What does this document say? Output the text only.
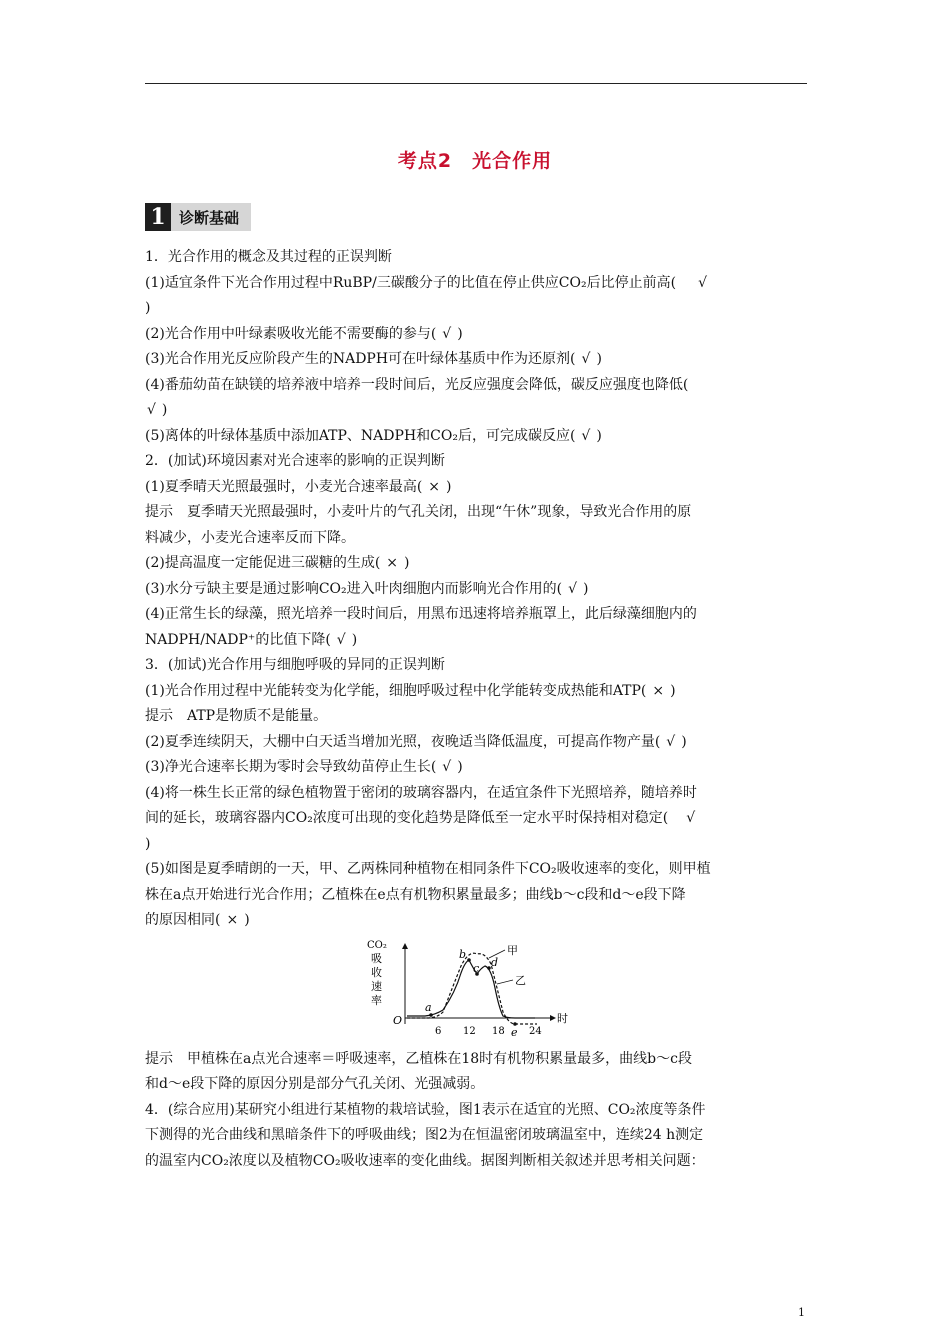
考点2　光合作用
1 诊断基础
1．光合作用的概念及其过程的正误判断
(1)适宜条件下光合作用过程中RuBP/三碳酸分子的比值在停止供应CO₂后比停止前高( √
)
(2)光合作用中叶绿素吸收光能不需要酶的参与( √ )
(3)光合作用光反应阶段产生的NADPH可在叶绿体基质中作为还原剂( √ )
(4)番茄幼苗在缺镁的培养液中培养一段时间后，光反应强度会降低，碳反应强度也降低(
√ )
(5)离体的叶绿体基质中添加ATP、NADPH和CO₂后，可完成碳反应( √ )
2．(加试)环境因素对光合速率的影响的正误判断
(1)夏季晴天光照最强时，小麦光合速率最高( × )
提示　夏季晴天光照最强时，小麦叶片的气孔关闭，出现“午休”现象，导致光合作用的原
料减少，小麦光合速率反而下降。
(2)提高温度一定能促进三碳糖的生成( × )
(3)水分亏缺主要是通过影响CO₂进入叶肉细胞内而影响光合作用的( √ )
(4)正常生长的绿藻，照光培养一段时间后，用黑布迅速将培养瓶罩上，此后绿藻细胞内的
NADPH/NADP⁺的比值下降( √ )
3．(加试)光合作用与细胞呼吸的异同的正误判断
(1)光合作用过程中光能转变为化学能，细胞呼吸过程中化学能转变成热能和ATP( × )
提示　ATP是物质不是能量。
(2)夏季连续阴天，大棚中白天适当增加光照，夜晚适当降低温度，可提高作物产量( √ )
(3)净光合速率长期为零时会导致幼苗停止生长( √ )
(4)将一株生长正常的绿色植物置于密闭的玻璃容器内，在适宜条件下光照培养，随培养时
间的延长，玻璃容器内CO₂浓度可出现的变化趋势是降低至一定水平时保持相对稳定( √
)
(5)如图是夏季晴朗的一天，甲、乙两株同种植物在相同条件下CO₂吸收速率的变化，则甲植
株在a点开始进行光合作用；乙植株在e点有机物积累量最多；曲线b～c段和d～e段下降
的原因相同( × )
CO₂
吸
收
速
率
O	时
6 12 18 24
a
b
c d
e
甲
乙
提示　甲植株在a点光合速率＝呼吸速率，乙植株在18时有机物积累量最多，曲线b～c段
和d～e段下降的原因分别是部分气孔关闭、光强减弱。
4．(综合应用)某研究小组进行某植物的栽培试验，图1表示在适宜的光照、CO₂浓度等条件
下测得的光合曲线和黑暗条件下的呼吸曲线；图2为在恒温密闭玻璃温室中，连续24 h测定
的温室内CO₂浓度以及植物CO₂吸收速率的变化曲线。据图判断相关叙述并思考相关问题：
1
